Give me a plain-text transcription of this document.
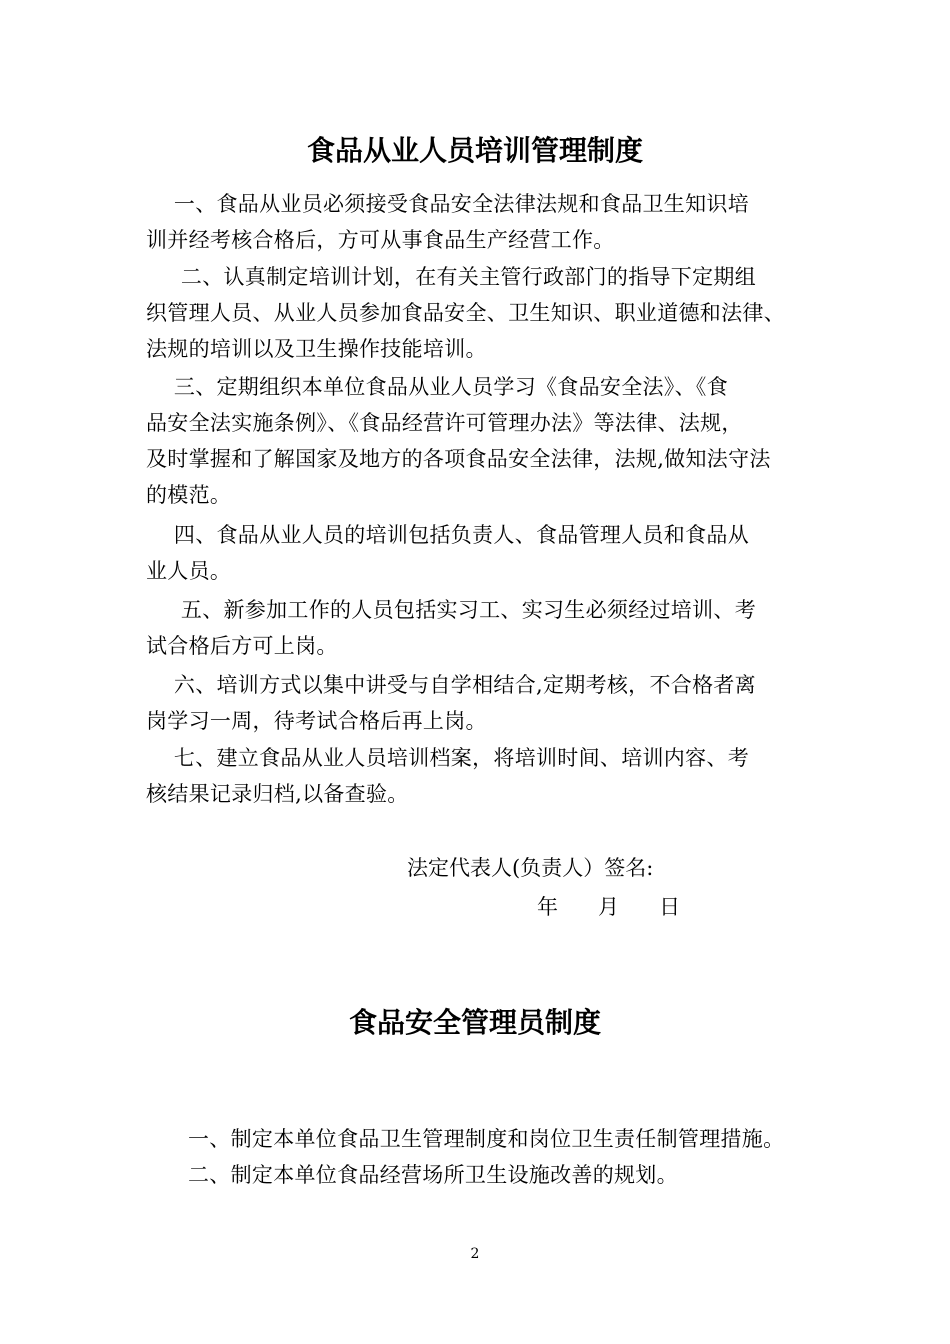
食品从业人员培训管理制度

一、食品从业员必须接受食品安全法律法规和食品卫生知识培
训并经考核合格后，方可从事食品生产经营工作。

二、认真制定培训计划，在有关主管行政部门的指导下定期组
织管理人员、从业人员参加食品安全、卫生知识、职业道德和法律、
法规的培训以及卫生操作技能培训。

三、定期组织本单位食品从业人员学习《食品安全法》、《食
品安全法实施条例》、《食品经营许可管理办法》等法律、法规，
及时掌握和了解国家及地方的各项食品安全法律，法规,做知法守法
的模范。

四、食品从业人员的培训包括负责人、食品管理人员和食品从
业人员。

五、新参加工作的人员包括实习工、实习生必须经过培训、考
试合格后方可上岗。

六、培训方式以集中讲受与自学相结合,定期考核，不合格者离
岗学习一周，待考试合格后再上岗。

七、建立食品从业人员培训档案，将培训时间、培训内容、考
核结果记录归档,以备查验。

法定代表人(负责人）签名:
年      月      日
食品安全管理员制度

一、制定本单位食品卫生管理制度和岗位卫生责任制管理措施。

二、制定本单位食品经营场所卫生设施改善的规划。

2
